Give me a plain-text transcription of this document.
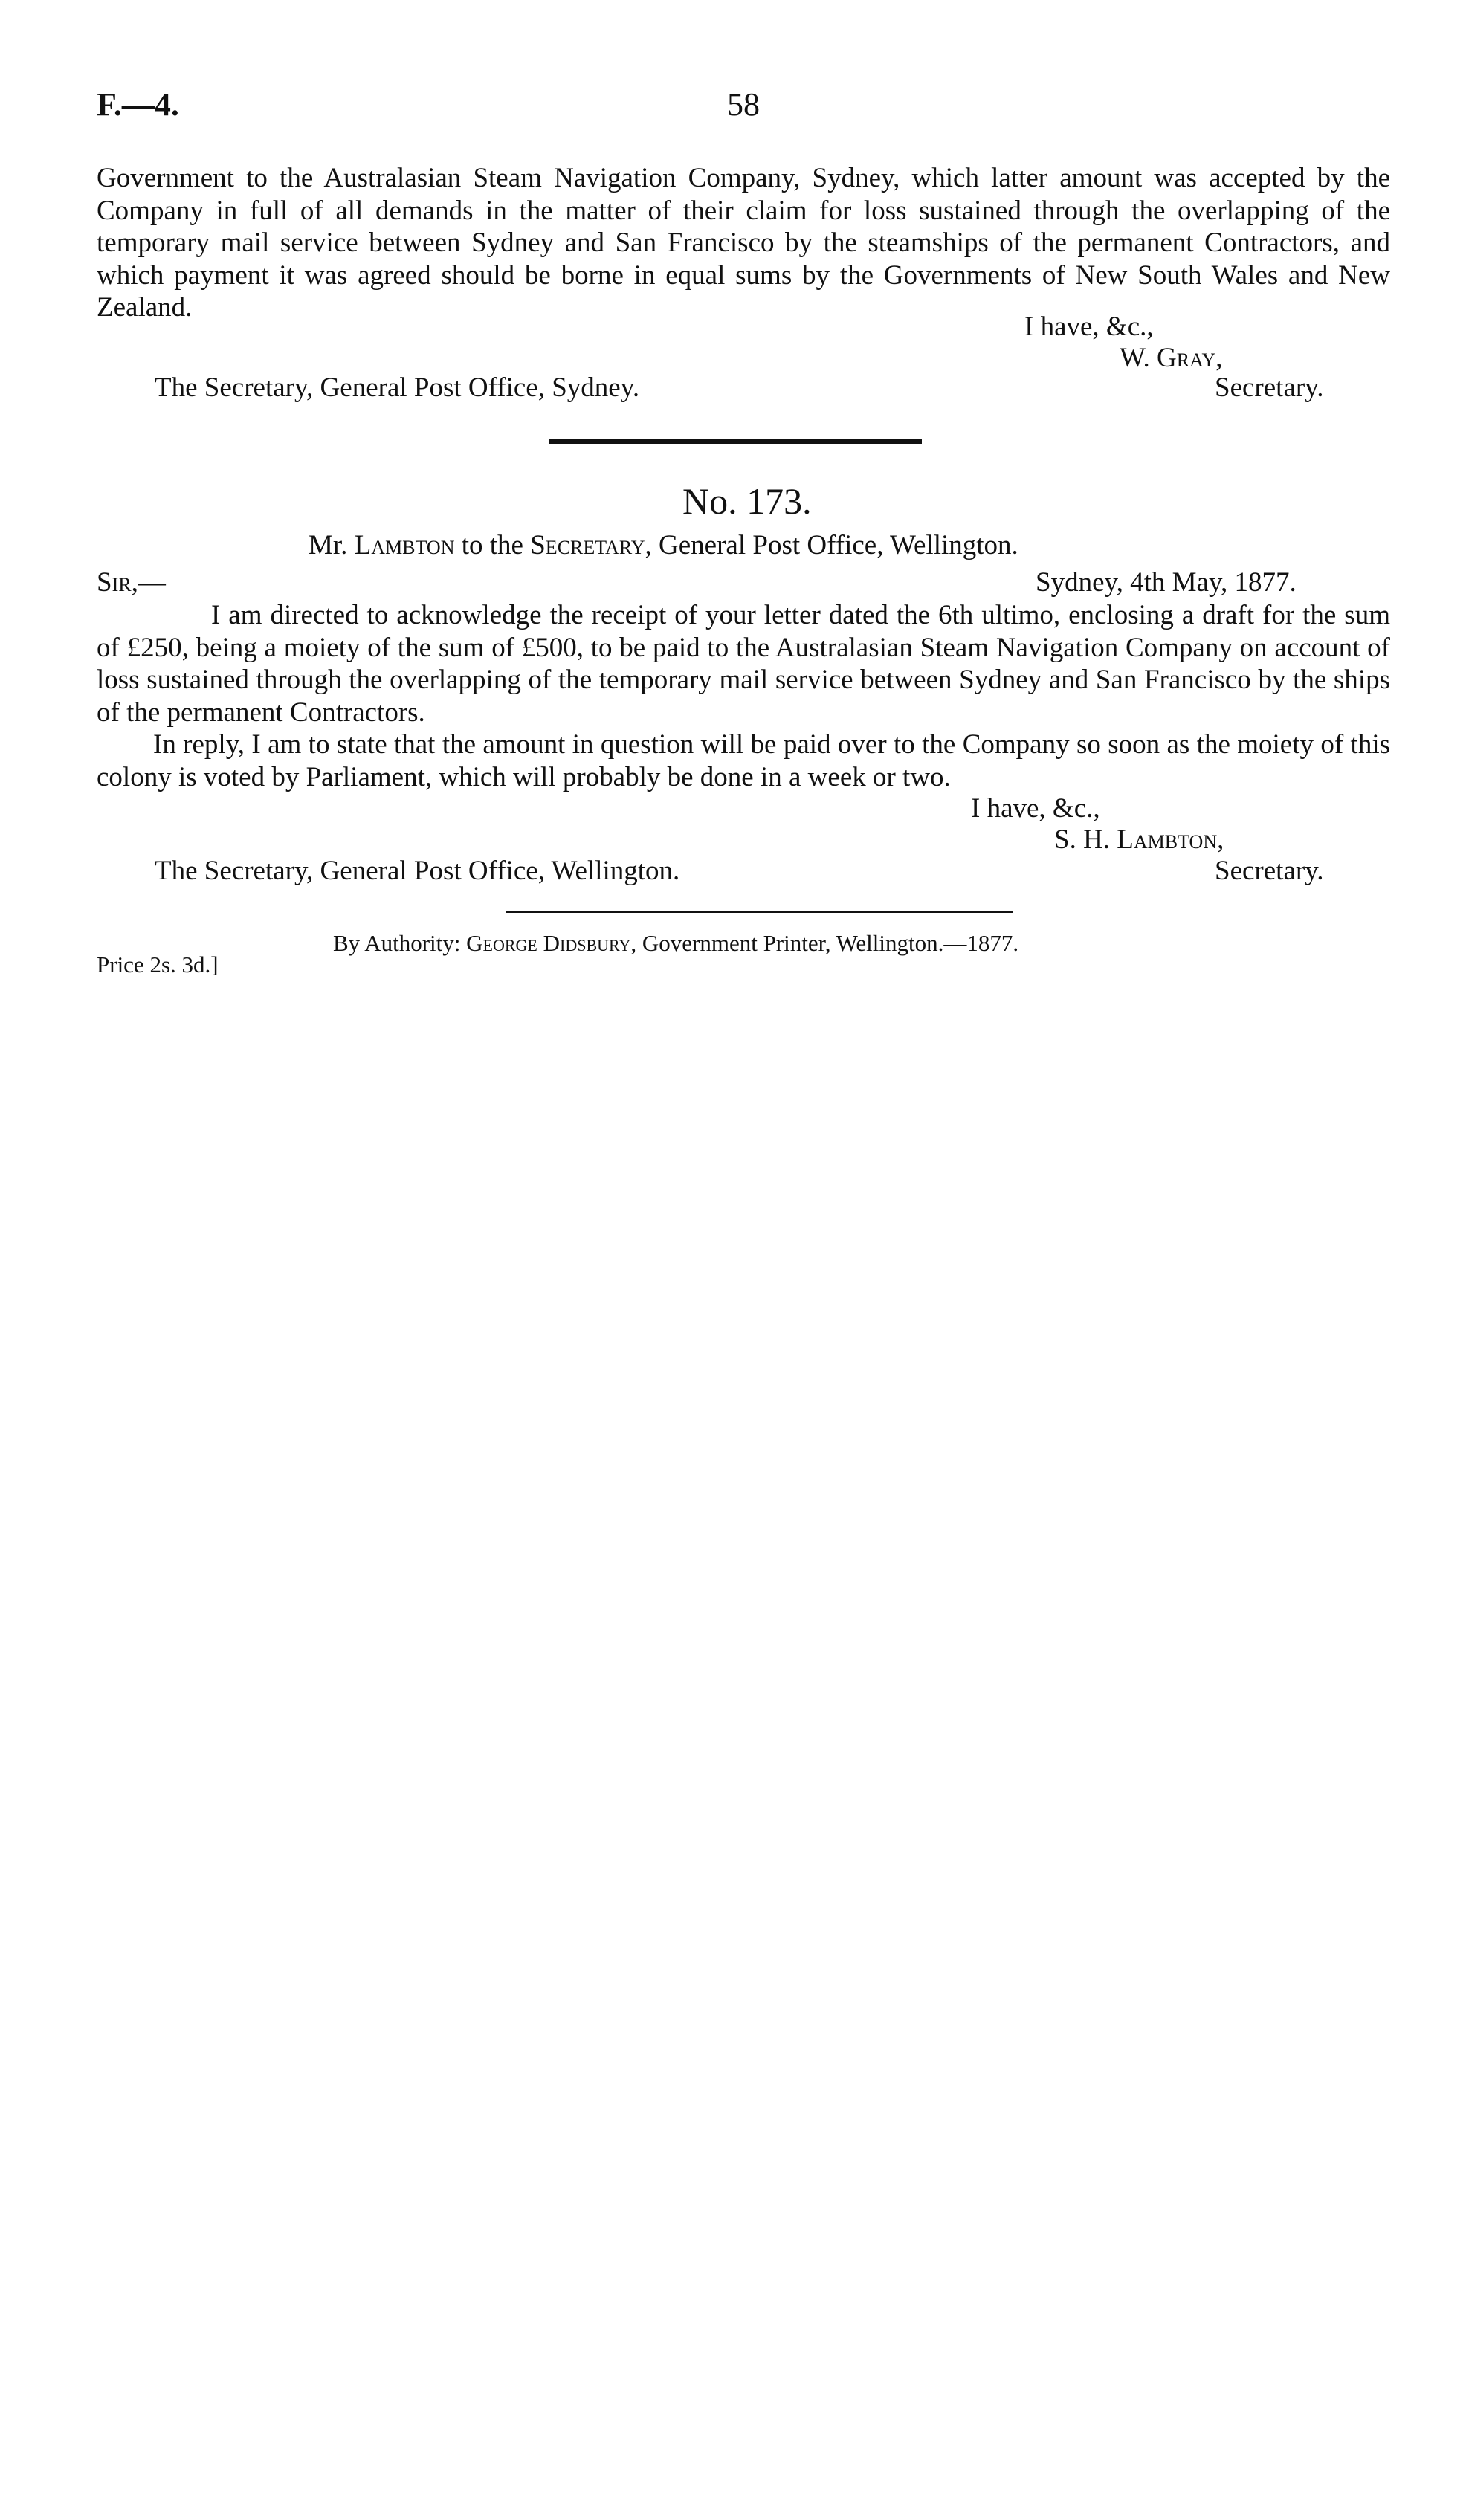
F.—4.	58
Government to the Australasian Steam Navigation Company, Sydney, which latter amount was accepted by the Company in full of all demands in the matter of their claim for loss sustained through the overlapping of the temporary mail service between Sydney and San Francisco by the steamships of the permanent Contractors, and which payment it was agreed should be borne in equal sums by the Governments of New South Wales and New Zealand.
I have, &c.,
W. Gray,
The Secretary, General Post Office, Sydney.	Secretary.
No. 173.
Mr. Lambton to the Secretary, General Post Office, Wellington.
Sir,—	Sydney, 4th May, 1877.
I am directed to acknowledge the receipt of your letter dated the 6th ultimo, enclosing a draft for the sum of £250, being a moiety of the sum of £500, to be paid to the Australasian Steam Navigation Company on account of loss sustained through the overlapping of the temporary mail service between Sydney and San Francisco by the ships of the permanent Contractors.
In reply, I am to state that the amount in question will be paid over to the Company so soon as the moiety of this colony is voted by Parliament, which will probably be done in a week or two.
I have, &c.,
S. H. Lambton,
The Secretary, General Post Office, Wellington.	Secretary.
By Authority: George Didsbury, Government Printer, Wellington.—1877.
Price 2s. 3d.]
